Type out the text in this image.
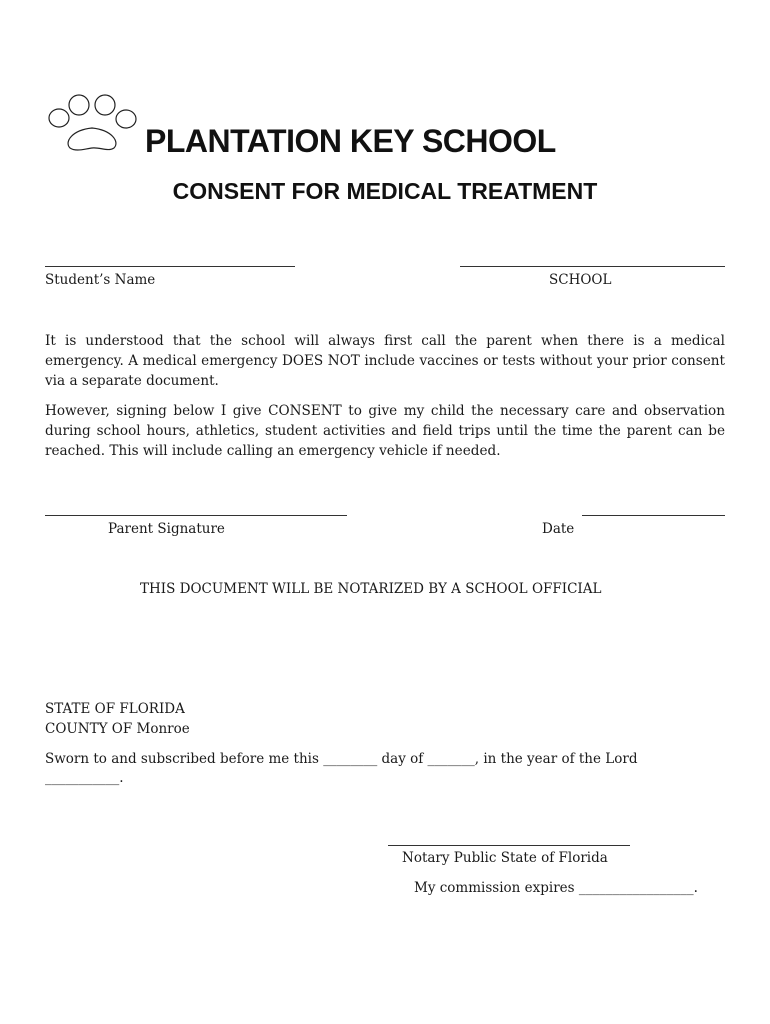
PLANTATION KEY SCHOOL
CONSENT FOR MEDICAL TREATMENT
Student’s Name	SCHOOL

It is understood that the school will always first call the parent when there is a medical emergency. A medical emergency DOES NOT include vaccines or tests without your prior consent via a separate document.

However, signing below I give CONSENT to give my child the necessary care and observation during school hours, athletics, student activities and field trips until the time the parent can be reached. This will include calling an emergency vehicle if needed.

Parent Signature	Date
THIS DOCUMENT WILL BE NOTARIZED BY A SCHOOL OFFICIAL
STATE OF FLORIDA
COUNTY OF Monroe
Sworn to and subscribed before me this ________ day of _______, in the year of the Lord
___________.
Notary Public State of Florida
My commission expires _________________.
